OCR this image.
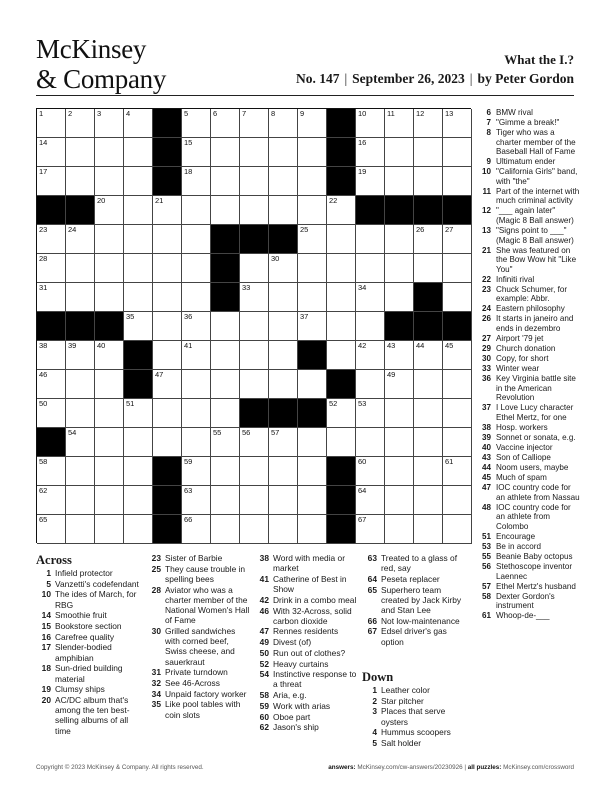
McKinsey
& Company
What the I.?
No. 147 | September 26, 2023 | by Peter Gordon
1	2	3	4	5	6	7	8	9	10	11	12	13
14	15	16
17	18	19
20	21	22
23	24	25	26	27
28	30
31	33	34
35	36	37
38	39	40	41	42	43	44	45
46	47	49
50	51	52	53
54	55	56	57
58	59	60	61
62	63	64
65	66	67
Across
1 Infield protector
5 Vanzetti's codefendant
10 The ides of March, for RBG
14 Smoothie fruit
15 Bookstore section
16 Carefree quality
17 Slender-bodied amphibian
18 Sun-dried building material
19 Clumsy ships
20 AC/DC album that's among the ten best-selling albums of all time
23 Sister of Barbie
25 They cause trouble in spelling bees
28 Aviator who was a charter member of the National Women's Hall of Fame
30 Grilled sandwiches with corned beef, Swiss cheese, and sauerkraut
31 Private turndown
32 See 46-Across
34 Unpaid factory worker
35 Like pool tables with coin slots
38 Word with media or market
41 Catherine of Best in Show
42 Drink in a combo meal
46 With 32-Across, solid carbon dioxide
47 Rennes residents
49 Divest (of)
50 Run out of clothes?
52 Heavy curtains
54 Instinctive response to a threat
58 Aria, e.g.
59 Work with arias
60 Oboe part
62 Jason's ship
63 Treated to a glass of red, say
64 Peseta replacer
65 Superhero team created by Jack Kirby and Stan Lee
66 Not low-maintenance
67 Edsel driver's gas option
Down
1 Leather color
2 Star pitcher
3 Places that serve oysters
4 Hummus scoopers
5 Salt holder
6 BMW rival
7 "Gimme a break!"
8 Tiger who was a charter member of the Baseball Hall of Fame
9 Ultimatum ender
10 "California Girls" band, with "the"
11 Part of the internet with much criminal activity
12 "___ again later" (Magic 8 Ball answer)
13 "Signs point to ___" (Magic 8 Ball answer)
21 She was featured on the Bow Wow hit "Like You"
22 Infiniti rival
23 Chuck Schumer, for example: Abbr.
24 Eastern philosophy
26 It starts in janeiro and ends in dezembro
27 Airport '79 jet
29 Church donation
30 Copy, for short
33 Winter wear
36 Key Virginia battle site in the American Revolution
37 I Love Lucy character Ethel Mertz, for one
38 Hosp. workers
39 Sonnet or sonata, e.g.
40 Vaccine injector
43 Son of Calliope
44 Noom users, maybe
45 Much of spam
47 IOC country code for an athlete from Nassau
48 IOC country code for an athlete from Colombo
51 Encourage
53 Be in accord
55 Beanie Baby octopus
56 Stethoscope inventor Laennec
57 Ethel Mertz's husband
58 Dexter Gordon's instrument
61 Whoop-de-___
Copyright © 2023 McKinsey & Company. All rights reserved.	answers: McKinsey.com/cw-answers/20230926 | all puzzles: McKinsey.com/crossword
